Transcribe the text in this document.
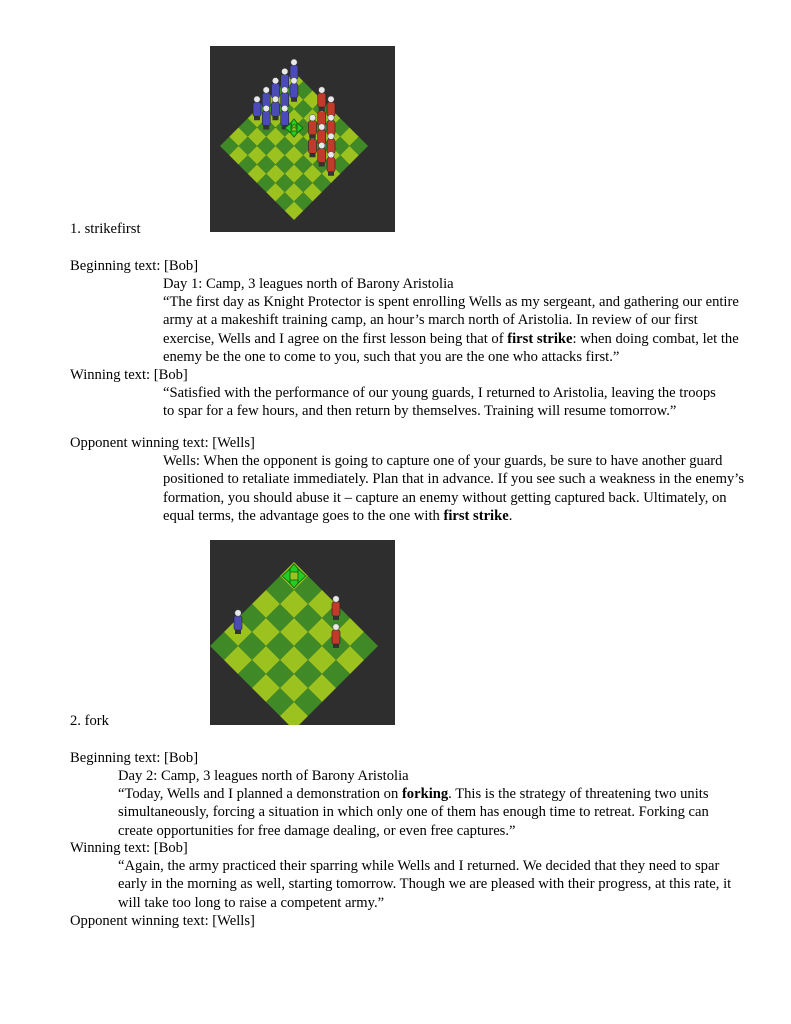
1. strikefirst
Beginning text: [Bob]
Day 1: Camp, 3 leagues north of Barony Aristolia
“The first day as Knight Protector is spent enrolling Wells as my sergeant, and gathering our entire army at a makeshift training camp, an hour’s march north of Aristolia. In review of our first exercise, Wells and I agree on the first lesson being that of first strike: when doing combat, let the enemy be the one to come to you, such that you are the one who attacks first.”
Winning text: [Bob]
“Satisfied with the performance of our young guards, I returned to Aristolia, leaving the troops to spar for a few hours, and then return by themselves. Training will resume tomorrow.”
Opponent winning text: [Wells]
Wells: When the opponent is going to capture one of your guards, be sure to have another guard positioned to retaliate immediately. Plan that in advance. If you see such a weakness in the enemy’s formation, you should abuse it – capture an enemy without getting captured back. Ultimately, on equal terms, the advantage goes to the one with first strike.
2. fork
Beginning text: [Bob]
Day 2: Camp, 3 leagues north of Barony Aristolia
“Today, Wells and I planned a demonstration on forking. This is the strategy of threatening two units simultaneously, forcing a situation in which only one of them has enough time to retreat. Forking can create opportunities for free damage dealing, or even free captures.”
Winning text: [Bob]
“Again, the army practiced their sparring while Wells and I returned. We decided that they need to spar early in the morning as well, starting tomorrow. Though we are pleased with their progress, at this rate, it will take too long to raise a competent army.”
Opponent winning text: [Wells]
